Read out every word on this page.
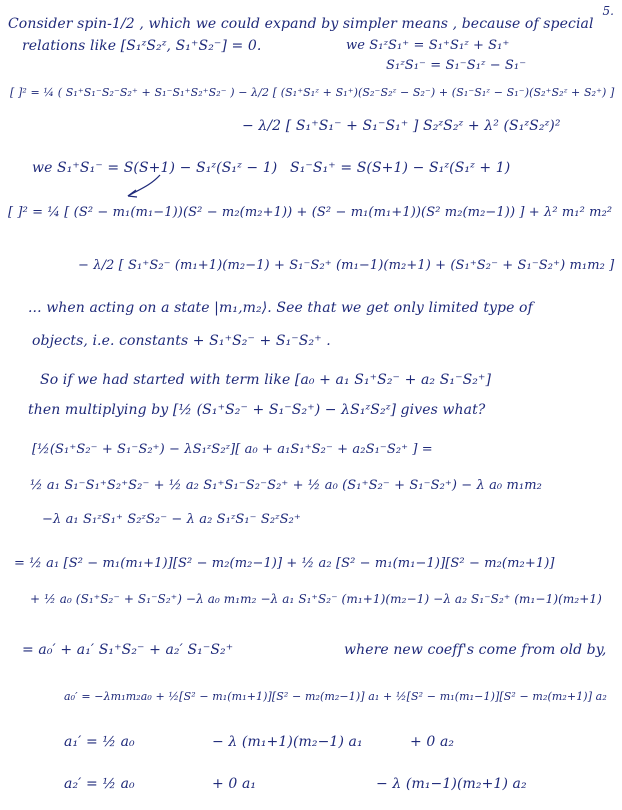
5.
Consider spin-1/2 , which we could expand by simpler means , because of special
relations like [S₁ᶻS₂ᶻ, S₁⁺S₂⁻] = 0.	we S₁ᶻS₁⁺ = S₁⁺S₁ᶻ + S₁⁺
S₁ᶻS₁⁻ = S₁⁻S₁ᶻ − S₁⁻
[ ]² = ¼ ( S₁⁺S₁⁻S₂⁻S₂⁺ + S₁⁻S₁⁺S₂⁺S₂⁻ ) − λ/2 [ (S₁⁺S₁ᶻ + S₁⁺)(S₂⁻S₂ᶻ − S₂⁻) + (S₁⁻S₁ᶻ − S₁⁻)(S₂⁺S₂ᶻ + S₂⁺) ]
− λ/2 [ S₁⁺S₁⁻ + S₁⁻S₁⁺ ] S₂ᶻS₂ᶻ + λ² (S₁ᶻS₂ᶻ)²
we S₁⁺S₁⁻ = S(S+1) − S₁ᶻ(S₁ᶻ − 1) S₁⁻S₁⁺ = S(S+1) − S₁ᶻ(S₁ᶻ + 1)
[ ]² = ¼ [ (S² − m₁(m₁−1))(S² − m₂(m₂+1)) + (S² − m₁(m₁+1))(S² m₂(m₂−1)) ] + λ² m₁² m₂²
− λ/2 [ S₁⁺S₂⁻ (m₁+1)(m₂−1) + S₁⁻S₂⁺ (m₁−1)(m₂+1) + (S₁⁺S₂⁻ + S₁⁻S₂⁺) m₁m₂ ]
... when acting on a state |m₁,m₂⟩. See that we get only limited type of
objects, i.e. constants + S₁⁺S₂⁻ + S₁⁻S₂⁺ .
So if we had started with term like [a₀ + a₁ S₁⁺S₂⁻ + a₂ S₁⁻S₂⁺]
then multiplying by [½ (S₁⁺S₂⁻ + S₁⁻S₂⁺) − λS₁ᶻS₂ᶻ] gives what?
[½(S₁⁺S₂⁻ + S₁⁻S₂⁺) − λS₁ᶻS₂ᶻ][ a₀ + a₁S₁⁺S₂⁻ + a₂S₁⁻S₂⁺ ] =
½ a₁ S₁⁻S₁⁺S₂⁺S₂⁻ + ½ a₂ S₁⁺S₁⁻S₂⁻S₂⁺ + ½ a₀ (S₁⁺S₂⁻ + S₁⁻S₂⁺) − λ a₀ m₁m₂
−λ a₁ S₁ᶻS₁⁺ S₂ᶻS₂⁻ − λ a₂ S₁ᶻS₁⁻ S₂ᶻS₂⁺
= ½ a₁ [S² − m₁(m₁+1)][S² − m₂(m₂−1)] + ½ a₂ [S² − m₁(m₁−1)][S² − m₂(m₂+1)]
+ ½ a₀ (S₁⁺S₂⁻ + S₁⁻S₂⁺) −λ a₀ m₁m₂ −λ a₁ S₁⁺S₂⁻ (m₁+1)(m₂−1) −λ a₂ S₁⁻S₂⁺ (m₁−1)(m₂+1)
= a₀′ + a₁′ S₁⁺S₂⁻ + a₂′ S₁⁻S₂⁺	where new coeff's come from old by,
a₀′ = −λm₁m₂a₀ + ½[S² − m₁(m₁+1)][S² − m₂(m₂−1)] a₁ + ½[S² − m₁(m₁−1)][S² − m₂(m₂+1)] a₂
a₁′ = ½ a₀	− λ (m₁+1)(m₂−1) a₁	+ 0 a₂
a₂′ = ½ a₀	+ 0 a₁	− λ (m₁−1)(m₂+1) a₂
